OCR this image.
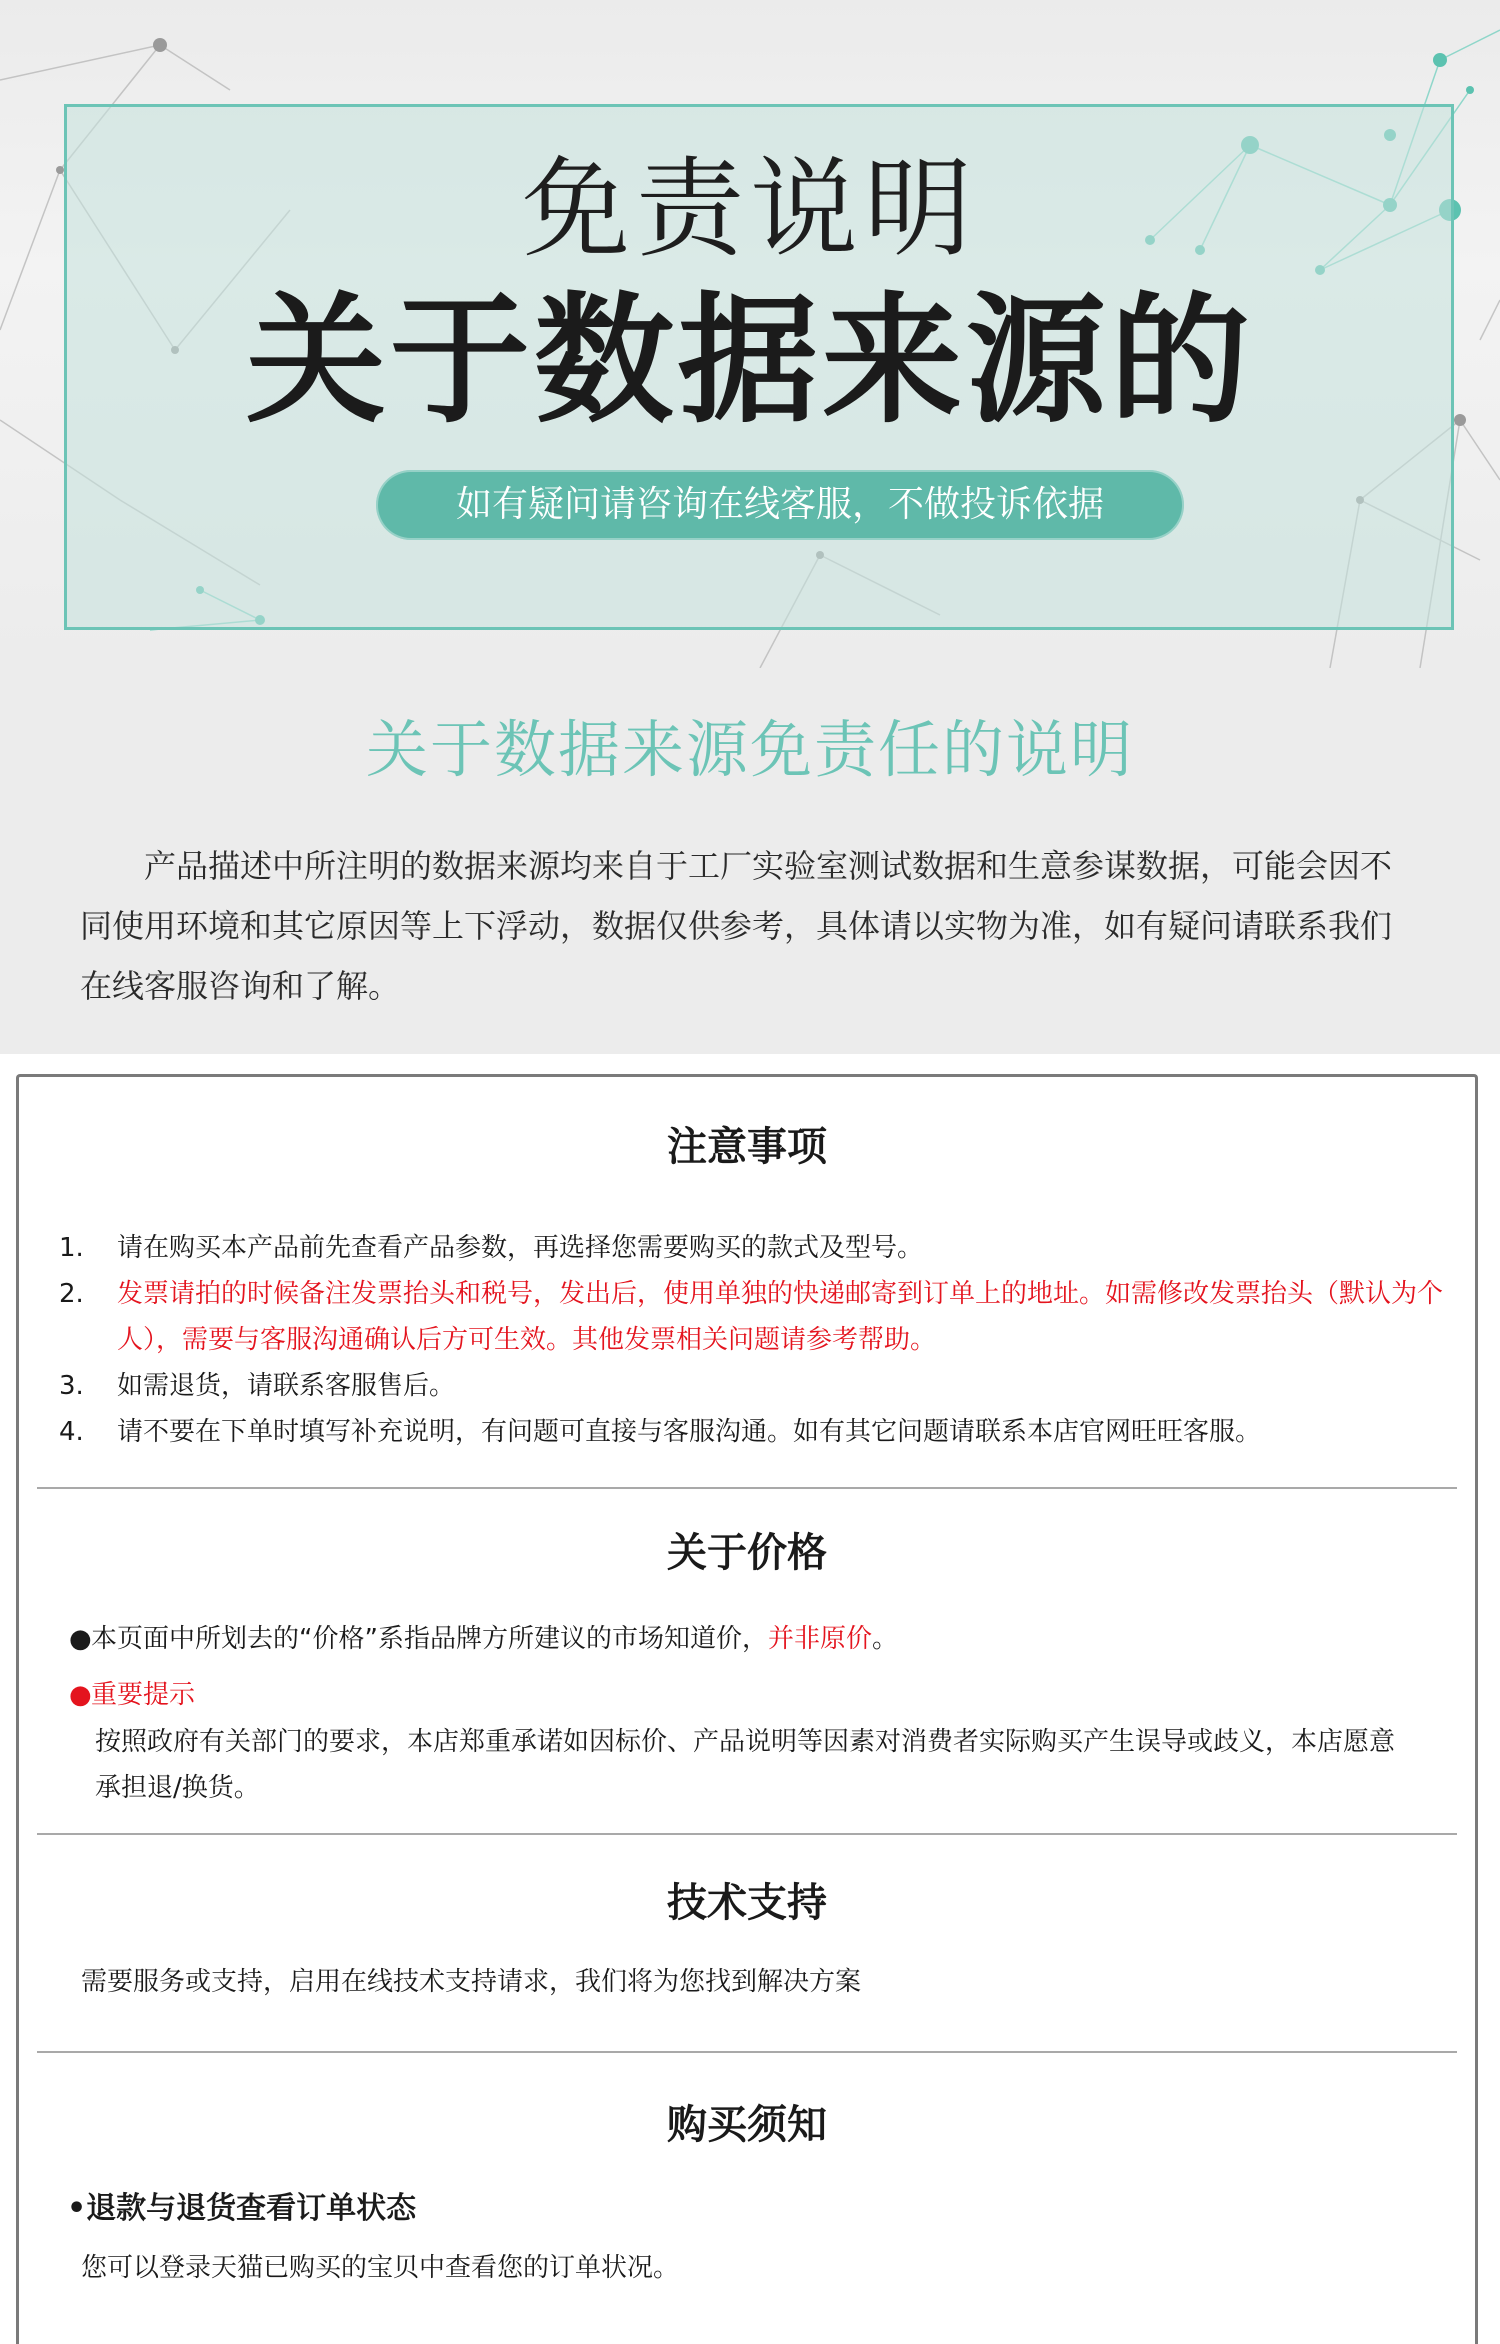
免责说明
关于数据来源的
如有疑问请咨询在线客服，不做投诉依据
关于数据来源免责任的说明
产品描述中所注明的数据来源均来自于工厂实验室测试数据和生意参谋数据，可能会因不同使用环境和其它原因等上下浮动，数据仅供参考，具体请以实物为准，如有疑问请联系我们在线客服咨询和了解。
注意事项
1.	请在购买本产品前先查看产品参数，再选择您需要购买的款式及型号。
2.	发票请拍的时候备注发票抬头和税号，发出后，使用单独的快递邮寄到订单上的地址。如需修改发票抬头（默认为个人），需要与客服沟通确认后方可生效。其他发票相关问题请参考帮助。
3.	如需退货，请联系客服售后。
4.	请不要在下单时填写补充说明，有问题可直接与客服沟通。如有其它问题请联系本店官网旺旺客服。
关于价格
●本页面中所划去的“价格”系指品牌方所建议的市场知道价，并非原价。
●重要提示
按照政府有关部门的要求，本店郑重承诺如因标价、产品说明等因素对消费者实际购买产生误导或歧义，本店愿意承担退/换货。
技术支持
需要服务或支持，启用在线技术支持请求，我们将为您找到解决方案
购买须知
•退款与退货查看订单状态
您可以登录天猫已购买的宝贝中查看您的订单状况。
